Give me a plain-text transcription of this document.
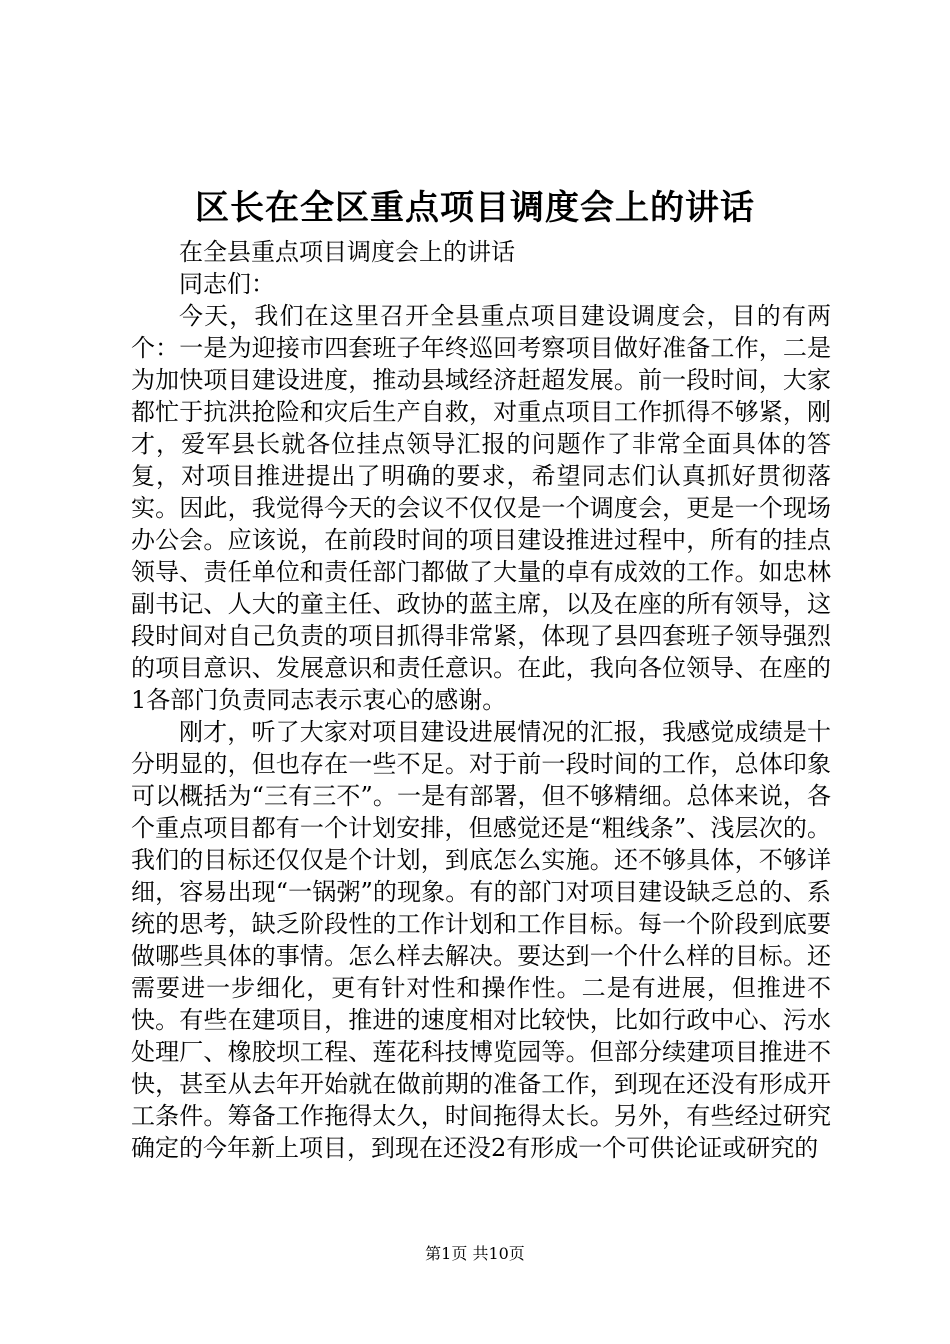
区长在全区重点项目调度会上的讲话

在全县重点项目调度会上的讲话

同志们：

今天，我们在这里召开全县重点项目建设调度会，目的有两个：一是为迎接市四套班子年终巡回考察项目做好准备工作，二是为加快项目建设进度，推动县域经济赶超发展。前一段时间，大家都忙于抗洪抢险和灾后生产自救，对重点项目工作抓得不够紧，刚才，爱军县长就各位挂点领导汇报的问题作了非常全面具体的答复，对项目推进提出了明确的要求，希望同志们认真抓好贯彻落实。因此，我觉得今天的会议不仅仅是一个调度会，更是一个现场办公会。应该说，在前段时间的项目建设推进过程中，所有的挂点领导、责任单位和责任部门都做了大量的卓有成效的工作。如忠林副书记、人大的童主任、政协的蓝主席，以及在座的所有领导，这段时间对自己负责的项目抓得非常紧，体现了县四套班子领导强烈的项目意识、发展意识和责任意识。在此，我向各位领导、在座的1各部门负责同志表示衷心的感谢。

刚才，听了大家对项目建设进展情况的汇报，我感觉成绩是十分明显的，但也存在一些不足。对于前一段时间的工作，总体印象可以概括为“三有三不”。一是有部署，但不够精细。总体来说，各个重点项目都有一个计划安排，但感觉还是“粗线条”、浅层次的。我们的目标还仅仅是个计划，到底怎么实施。还不够具体，不够详细，容易出现“一锅粥”的现象。有的部门对项目建设缺乏总的、系统的思考，缺乏阶段性的工作计划和工作目标。每一个阶段到底要做哪些具体的事情。怎么样去解决。要达到一个什么样的目标。还需要进一步细化，更有针对性和操作性。二是有进展，但推进不快。有些在建项目，推进的速度相对比较快，比如行政中心、污水处理厂、橡胶坝工程、莲花科技博览园等。但部分续建项目推进不快，甚至从去年开始就在做前期的准备工作，到现在还没有形成开工条件。筹备工作拖得太久，时间拖得太长。另外，有些经过研究确定的今年新上项目，到现在还没2有形成一个可供论证或研究的

第1页 共10页
